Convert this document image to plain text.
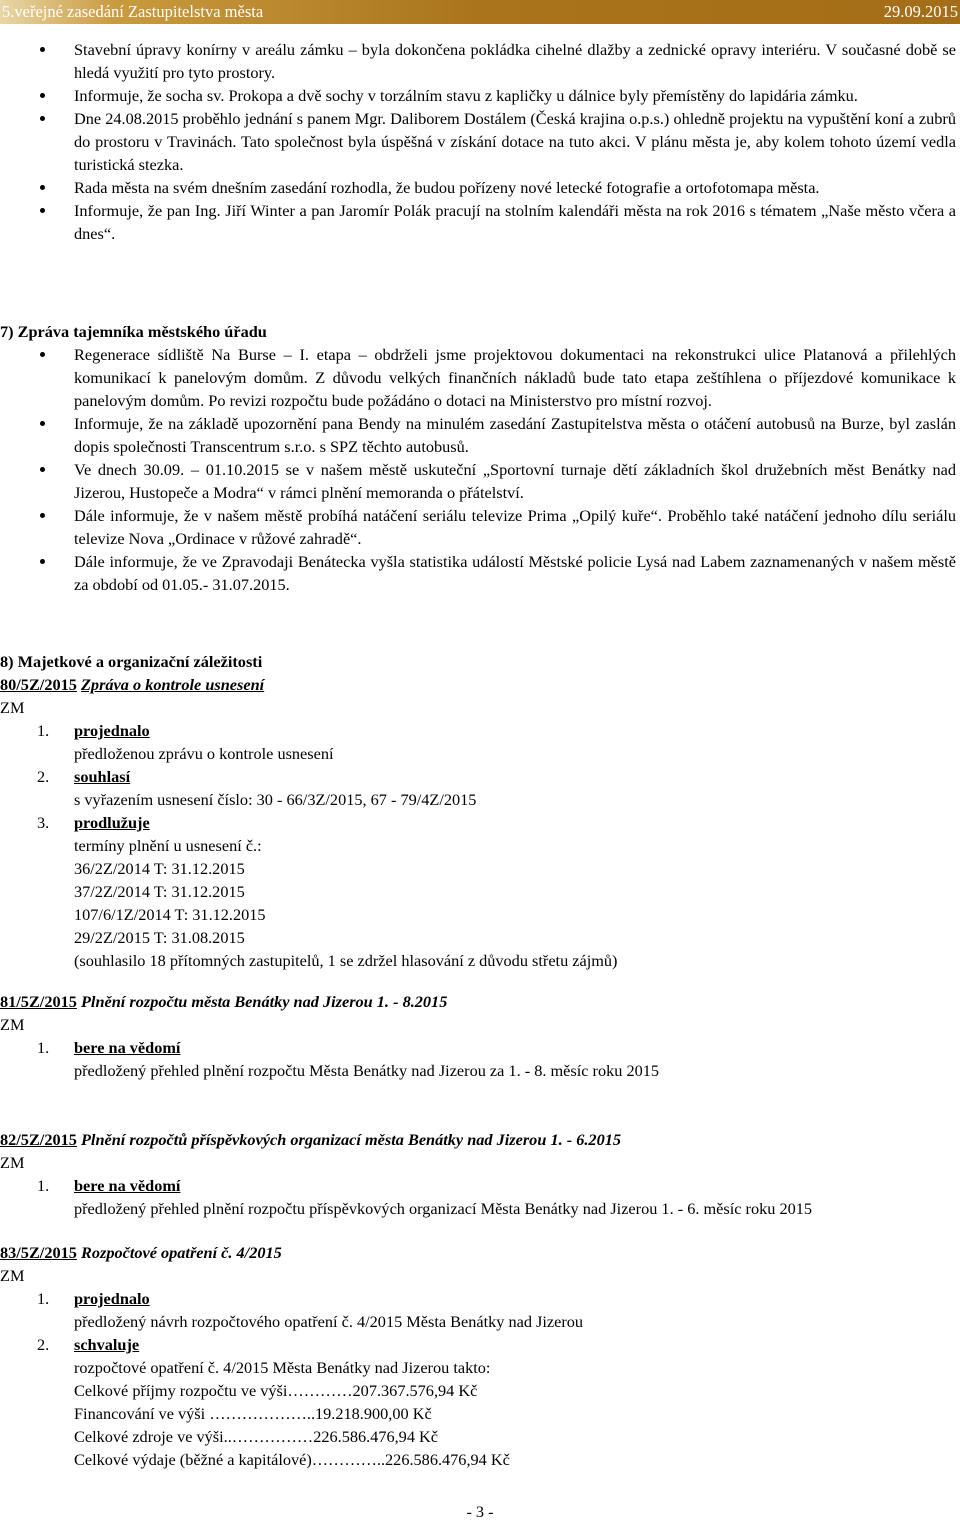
5.veřejné zasedání Zastupitelstva města	29.09.2015
Stavební úpravy konírny v areálu zámku – byla dokončena pokládka cihelné dlažby a zednické opravy interiéru. V současné době se hledá využití pro tyto prostory.
Informuje, že socha sv. Prokopa a dvě sochy v torzálním stavu z kapličky u dálnice byly přemístěny do lapidária zámku.
Dne 24.08.2015 proběhlo jednání s panem Mgr. Daliborem Dostálem (Česká krajina o.p.s.) ohledně projektu na vypuštění koní a zubrů do prostoru v Travinách. Tato společnost byla úspěšná v získání dotace na tuto akci. V plánu města je, aby kolem tohoto území vedla turistická stezka.
Rada města na svém dnešním zasedání rozhodla, že budou pořízeny nové letecké fotografie a ortofotomapa města.
Informuje, že pan Ing. Jiří Winter a pan Jaromír Polák pracují na stolním kalendáři města na rok 2016 s tématem „Naše město včera a dnes“.
7) Zpráva tajemníka městského úřadu
Regenerace sídliště Na Burse – I. etapa – obdrželi jsme projektovou dokumentaci na rekonstrukci ulice Platanová a přilehlých komunikací k panelovým domům. Z důvodu velkých finančních nákladů bude tato etapa zeštíhlena o příjezdové komunikace k panelovým domům. Po revizi rozpočtu bude požádáno o dotaci na Ministerstvo pro místní rozvoj.
Informuje, že na základě upozornění pana Bendy na minulém zasedání Zastupitelstva města o otáčení autobusů na Burze, byl zaslán dopis společnosti Transcentrum s.r.o. s SPZ těchto autobusů.
Ve dnech 30.09. – 01.10.2015 se v našem městě uskuteční „Sportovní turnaje dětí základních škol družebních měst Benátky nad Jizerou, Hustopeče a Modra“ v rámci plnění memoranda o přátelství.
Dále informuje, že v našem městě probíhá natáčení seriálu televize Prima „Opilý kuře“. Proběhlo také natáčení jednoho dílu seriálu televize Nova „Ordinace v růžové zahradě“.
Dále informuje, že ve Zpravodaji Benátecka vyšla statistika událostí Městské policie Lysá nad Labem zaznamenaných v našem městě za období od 01.05.- 31.07.2015.
8) Majetkové a organizační záležitosti
80/5Z/2015 Zpráva o kontrole usnesení
ZM
1. projednalo
předloženou zprávu o kontrole usnesení
2. souhlasí
s vyřazením usnesení číslo: 30 - 66/3Z/2015, 67 - 79/4Z/2015
3. prodlužuje
termíny plnění u usnesení č.:
36/2Z/2014 T: 31.12.2015
37/2Z/2014 T: 31.12.2015
107/6/1Z/2014 T: 31.12.2015
29/2Z/2015 T: 31.08.2015
(souhlasilo 18 přítomných zastupitelů, 1 se zdržel hlasování z důvodu střetu zájmů)
81/5Z/2015 Plnění rozpočtu města Benátky nad Jizerou 1. - 8.2015
ZM
1. bere na vědomí
předložený přehled plnění rozpočtu Města Benátky nad Jizerou za 1. - 8. měsíc roku 2015
82/5Z/2015 Plnění rozpočtů příspěvkových organizací města Benátky nad Jizerou 1. - 6.2015
ZM
1. bere na vědomí
předložený přehled plnění rozpočtu příspěvkových organizací Města Benátky nad Jizerou 1. - 6. měsíc roku 2015
83/5Z/2015 Rozpočtové opatření č. 4/2015
ZM
1. projednalo
předložený návrh rozpočtového opatření č. 4/2015 Města Benátky nad Jizerou
2. schvaluje
rozpočtové opatření č. 4/2015 Města Benátky nad Jizerou takto:
Celkové příjmy rozpočtu ve výši…………207.367.576,94 Kč
Financování ve výši ………………..19.218.900,00 Kč
Celkové zdroje ve výši..……………226.586.476,94 Kč
Celkové výdaje (běžné a kapitálové)…………..226.586.476,94 Kč
- 3 -
